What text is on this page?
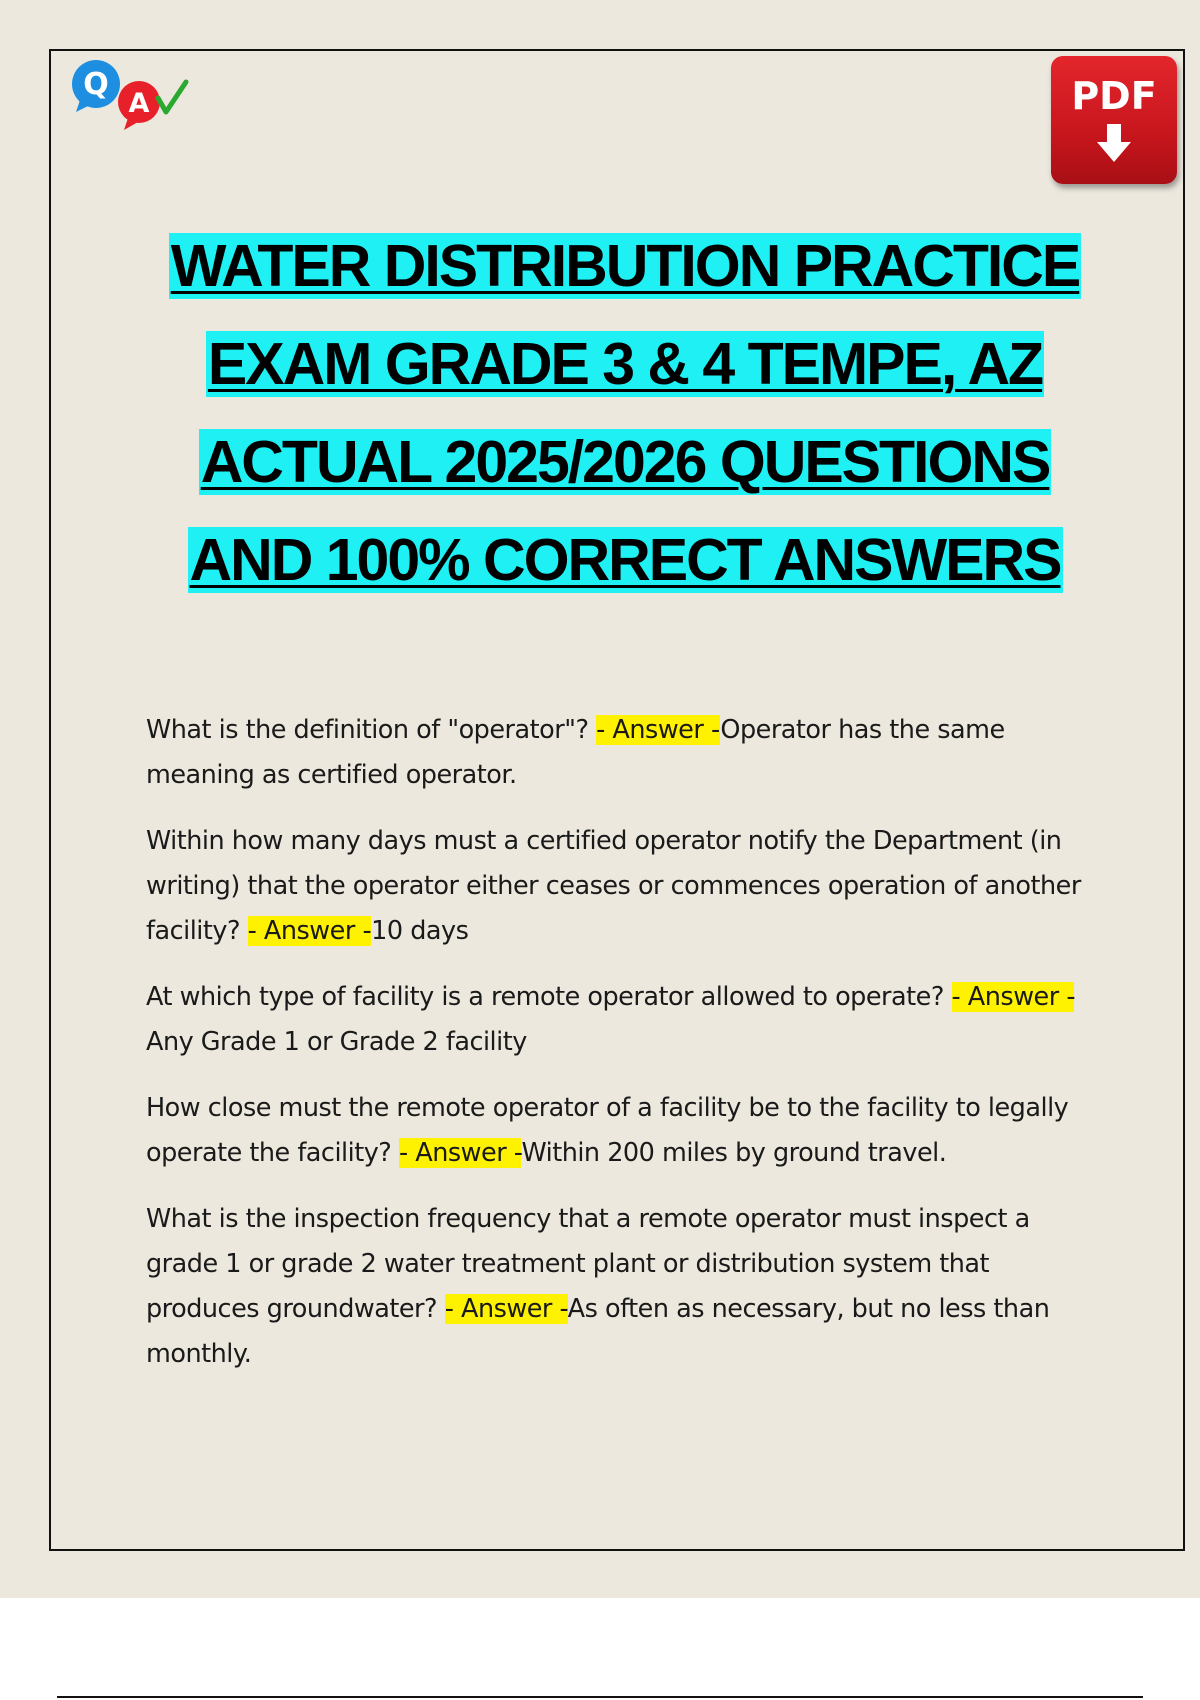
Q
A	PDF
WATER DISTRIBUTION PRACTICE
EXAM GRADE 3 & 4 TEMPE, AZ
ACTUAL 2025/2026 QUESTIONS
AND 100% CORRECT ANSWERS

What is the definition of "operator"? - Answer -Operator has the same meaning as certified operator.

Within how many days must a certified operator notify the Department (in writing) that the operator either ceases or commences operation of another facility? - Answer -10 days

At which type of facility is a remote operator allowed to operate? - Answer -Any Grade 1 or Grade 2 facility

How close must the remote operator of a facility be to the facility to legally operate the facility? - Answer -Within 200 miles by ground travel.

What is the inspection frequency that a remote operator must inspect a grade 1 or grade 2 water treatment plant or distribution system that produces groundwater? - Answer -As often as necessary, but no less than monthly.
